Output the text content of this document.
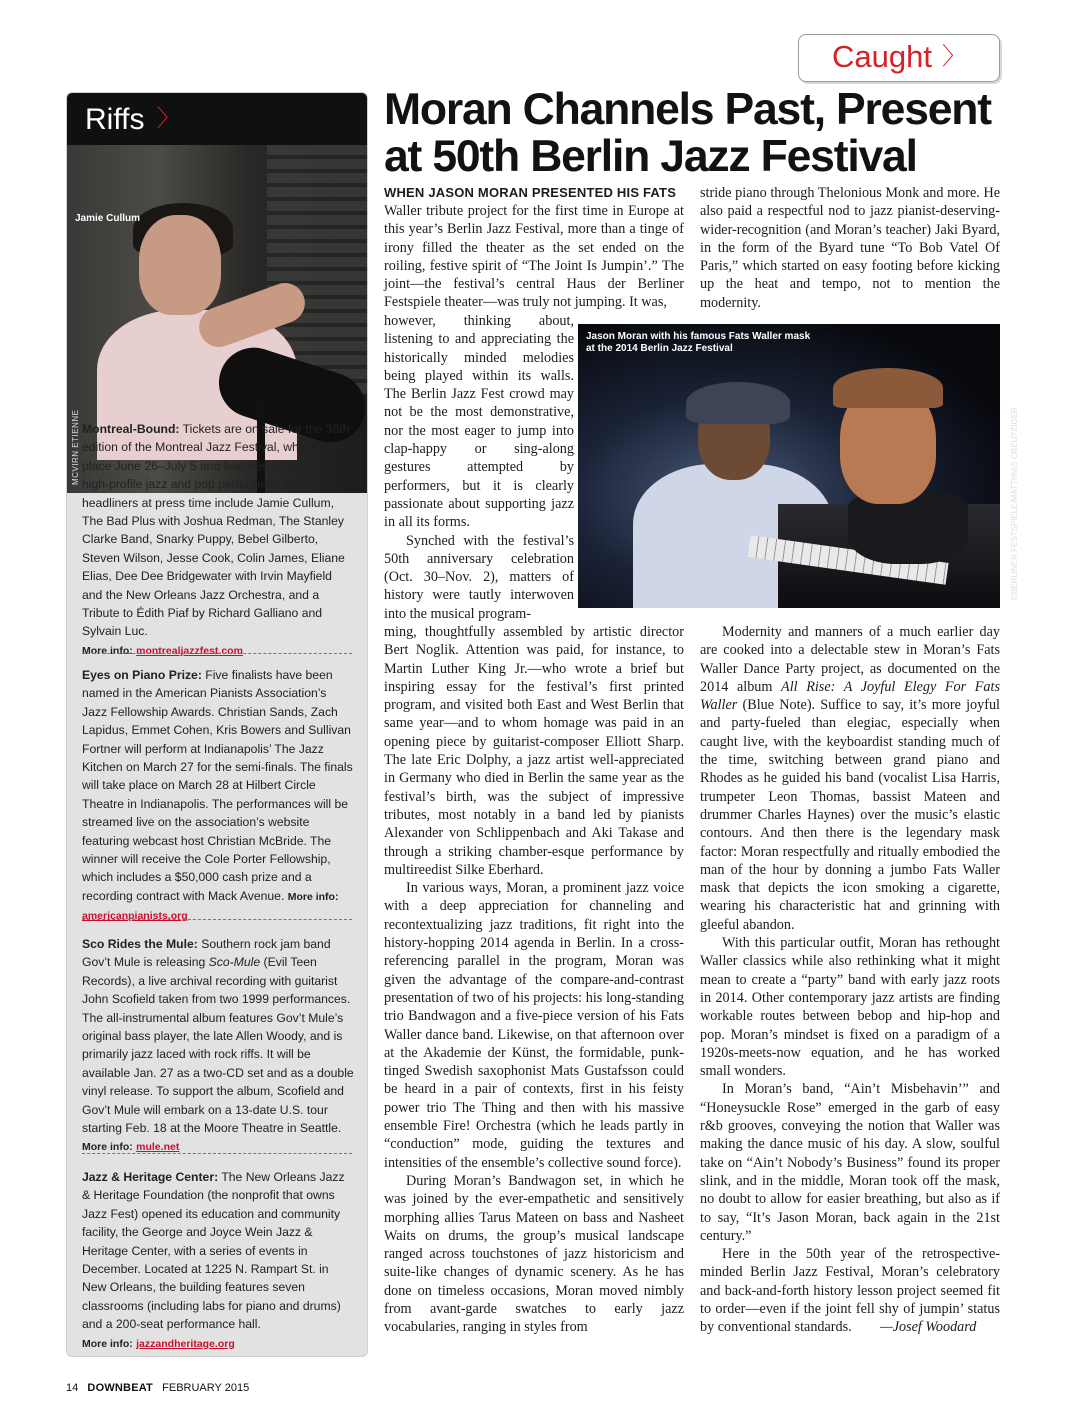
Caught 〉
Riffs 〉
Jamie Cullum
MCVIRN ETIENNE Montreal-Bound: Tickets are on sale for the 36th edition of the Montreal Jazz Festival, which takes place June 26–July 5 and features a range of high-profile jazz and pop performers. Confirmed headliners at press time include Jamie Cullum, The Bad Plus with Joshua Redman, The Stanley Clarke Band, Snarky Puppy, Bebel Gilberto, Steven Wilson, Jesse Cook, Colin James, Eliane Elias, Dee Dee Bridgewater with Irvin Mayfield and the New Orleans Jazz Orchestra, and a Tribute to Édith Piaf by Richard Galliano and Sylvain Luc.
More info: montrealjazzfest.com
Eyes on Piano Prize: Five finalists have been named in the American Pianists Association’s Jazz Fellowship Awards. Christian Sands, Zach Lapidus, Emmet Cohen, Kris Bowers and Sullivan Fortner will perform at Indianapolis’ The Jazz Kitchen on March 27 for the semi-finals. The finals will take place on March 28 at Hilbert Circle Theatre in Indianapolis. The performances will be streamed live on the association’s website featuring webcast host Christian McBride. The winner will receive the Cole Porter Fellowship, which includes a $50,000 cash prize and a recording contract with Mack Avenue. More info: americanpianists.org
Sco Rides the Mule: Southern rock jam band Gov’t Mule is releasing Sco-Mule (Evil Teen Records), a live archival recording with guitarist John Scofield taken from two 1999 performances. The all-instrumental album features Gov’t Mule’s original bass player, the late Allen Woody, and is primarily jazz laced with rock riffs. It will be available Jan. 27 as a two-CD set and as a double vinyl release. To support the album, Scofield and Gov’t Mule will embark on a 13-date U.S. tour starting Feb. 18 at the Moore Theatre in Seattle. More info: mule.net
Jazz & Heritage Center: The New Orleans Jazz & Heritage Foundation (the nonprofit that owns Jazz Fest) opened its education and community facility, the George and Joyce Wein Jazz & Heritage Center, with a series of events in December. Located at 1225 N. Rampart St. in New Orleans, the building features seven classrooms (including labs for piano and drums) and a 200-seat performance hall.
More info: jazzandheritage.org
Moran Channels Past, Present at 50th Berlin Jazz Festival

WHEN JASON MORAN PRESENTED HIS FATS

Waller tribute project for the first time in Europe at this year’s Berlin Jazz Festival, more than a tinge of irony filled the theater as the set ended on the roiling, festive spirit of “The Joint Is Jumpin’.” The joint—the festival’s central Haus der Berliner Festspiele theater—was truly not jumping. It was,

however, thinking about, listening to and appreciating the historically minded melodies being played within its walls. The Berlin Jazz Fest crowd may not be the most demonstrative, nor the most eager to jump into clap-happy or sing-along gestures attempted by performers, but it is clearly passionate about supporting jazz in all its forms.

Synched with the festival’s 50th anniversary celebration (Oct. 30–Nov. 2), matters of history were tautly interwoven into the musical program-

ming, thoughtfully assembled by artistic director Bert Noglik. Attention was paid, for instance, to Martin Luther King Jr.—who wrote a brief but inspiring essay for the festival’s first printed program, and visited both East and West Berlin that same year—and to whom homage was paid in an opening piece by guitarist-composer Elliott Sharp. The late Eric Dolphy, a jazz artist well-appreciated in Germany who died in Berlin the same year as the festival’s birth, was the subject of impressive tributes, most notably in a band led by pianists Alexander von Schlippenbach and Aki Takase and through a striking chamber-esque performance by multireedist Silke Eberhard.

In various ways, Moran, a prominent jazz voice with a deep appreciation for channeling and recontextualizing jazz traditions, fit right into the history-hopping 2014 agenda in Berlin. In a cross-referencing parallel in the program, Moran was given the advantage of the compare-and-contrast presentation of two of his projects: his long-standing trio Bandwagon and a five-piece version of his Fats Waller dance band. Likewise, on that afternoon over at the Akademie der Künst, the formidable, punk-tinged Swedish saxophonist Mats Gustafsson could be heard in a pair of contexts, first in his feisty power trio The Thing and then with his massive ensemble Fire! Orchestra (which he leads partly in “conduction” mode, guiding the textures and intensities of the ensemble’s collective sound force).

During Moran’s Bandwagon set, in which he was joined by the ever-empathetic and sensitively morphing allies Tarus Mateen on bass and Nasheet Waits on drums, the group’s musical landscape ranged across touchstones of jazz historicism and suite-like changes of dynamic scenery. As he has done on timeless occasions, Moran moved nimbly from avant-garde swatches to early jazz vocabularies, ranging in styles from

stride piano through Thelonious Monk and more. He also paid a respectful nod to jazz pianist-deserving-wider-recognition (and Moran’s teacher) Jaki Byard, in the form of the Byard tune “To Bob Vatel Of Paris,” which started on easy footing before kicking up the heat and tempo, not to mention the modernity.

Jason Moran with his famous Fats Waller mask at the 2014 Berlin Jazz Festival
©BERLINER FESTSPIELE/MATTHIAS CREUTZIGER

Modernity and manners of a much earlier day are cooked into a delectable stew in Moran’s Fats Waller Dance Party project, as documented on the 2014 album All Rise: A Joyful Elegy For Fats Waller (Blue Note). Suffice to say, it’s more joyful and party-fueled than elegiac, especially when caught live, with the keyboardist standing much of the time, switching between grand piano and Rhodes as he guided his band (vocalist Lisa Harris, trumpeter Leon Thomas, bassist Mateen and drummer Charles Haynes) over the music’s elastic contours. And then there is the legendary mask factor: Moran respectfully and ritually embodied the man of the hour by donning a jumbo Fats Waller mask that depicts the icon smoking a cigarette, wearing his characteristic hat and grinning with gleeful abandon.

With this particular outfit, Moran has rethought Waller classics while also rethinking what it might mean to create a “party” band with early jazz roots in 2014. Other contemporary jazz artists are finding workable routes between bebop and hip-hop and pop. Moran’s mindset is fixed on a paradigm of a 1920s-meets-now equation, and he has worked small wonders.

In Moran’s band, “Ain’t Misbehavin’” and “Honeysuckle Rose” emerged in the garb of easy r&b grooves, conveying the notion that Waller was making the dance music of his day. A slow, soulful take on “Ain’t Nobody’s Business” found its proper slink, and in the middle, Moran took off the mask, no doubt to allow for easier breathing, but also as if to say, “It’s Jason Moran, back again in the 21st century.”

Here in the 50th year of the retrospective-minded Berlin Jazz Festival, Moran’s celebratory and back-and-forth history lesson project seemed fit to order—even if the joint fell shy of jumpin’ status by conventional standards. —Josef Woodard

14 DOWNBEAT FEBRUARY 2015
